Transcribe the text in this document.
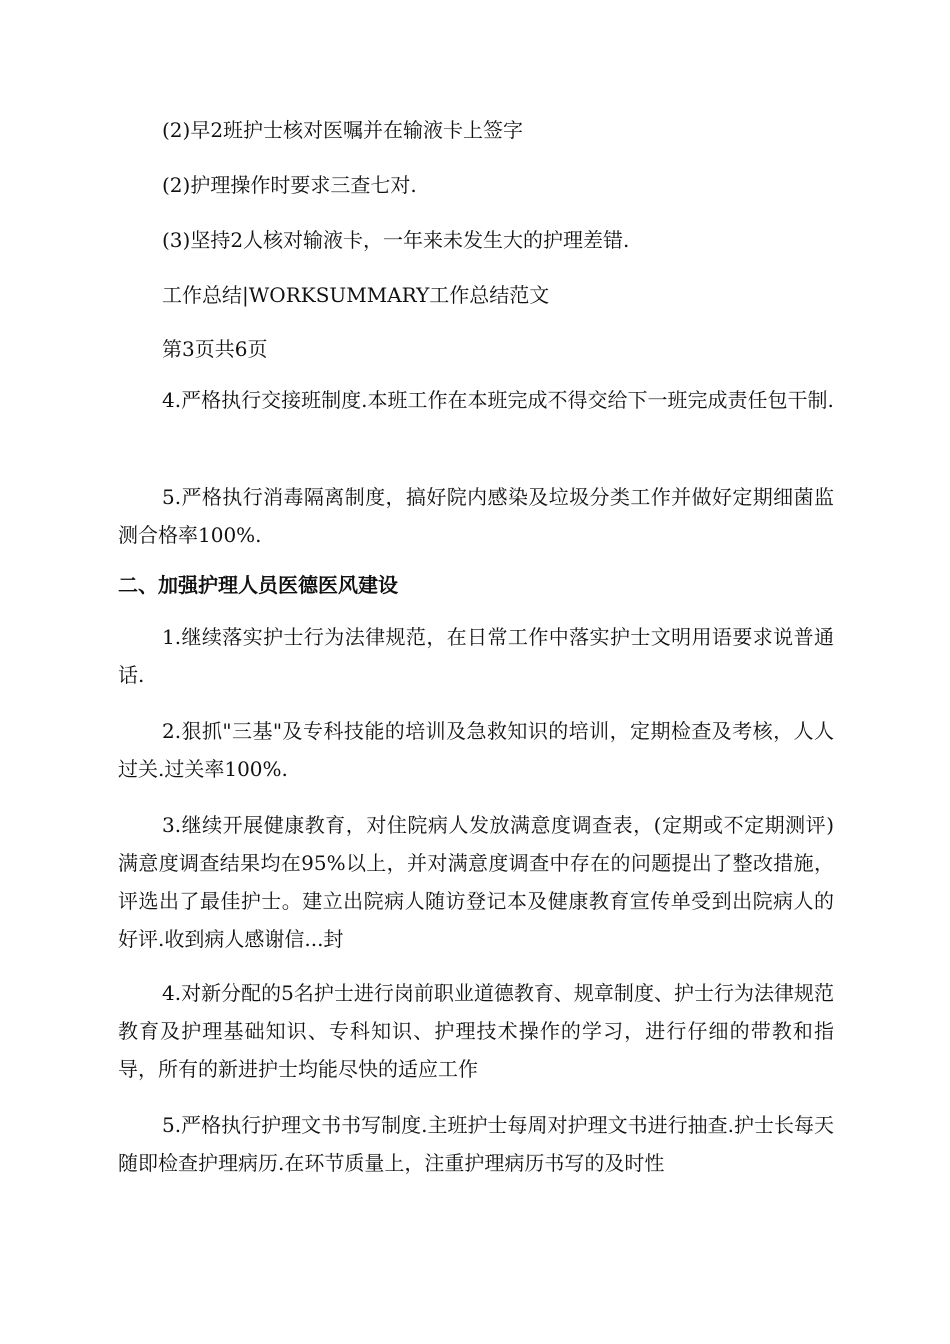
(2)早2班护士核对医嘱并在输液卡上签字
(2)护理操作时要求三查七对.
(3)坚持2人核对输液卡，一年来未发生大的护理差错.
工作总结|WORKSUMMARY工作总结范文
第3页共6页
4.严格执行交接班制度.本班工作在本班完成不得交给下一班完成责任包干制.
5.严格执行消毒隔离制度，搞好院内感染及垃圾分类工作并做好定期细菌监测合格率100%.
二、加强护理人员医德医风建设
1.继续落实护士行为法律规范，在日常工作中落实护士文明用语要求说普通话.
2.狠抓"三基"及专科技能的培训及急救知识的培训，定期检查及考核，人人过关.过关率100%.
3.继续开展健康教育，对住院病人发放满意度调查表，(定期或不定期测评)满意度调查结果均在95%以上，并对满意度调查中存在的问题提出了整改措施，评选出了最佳护士。建立出院病人随访登记本及健康教育宣传单受到出院病人的好评.收到病人感谢信...封
4.对新分配的5名护士进行岗前职业道德教育、规章制度、护士行为法律规范教育及护理基础知识、专科知识、护理技术操作的学习，进行仔细的带教和指导，所有的新进护士均能尽快的适应工作
5.严格执行护理文书书写制度.主班护士每周对护理文书进行抽查.护士长每天随即检查护理病历.在环节质量上，注重护理病历书写的及时性
